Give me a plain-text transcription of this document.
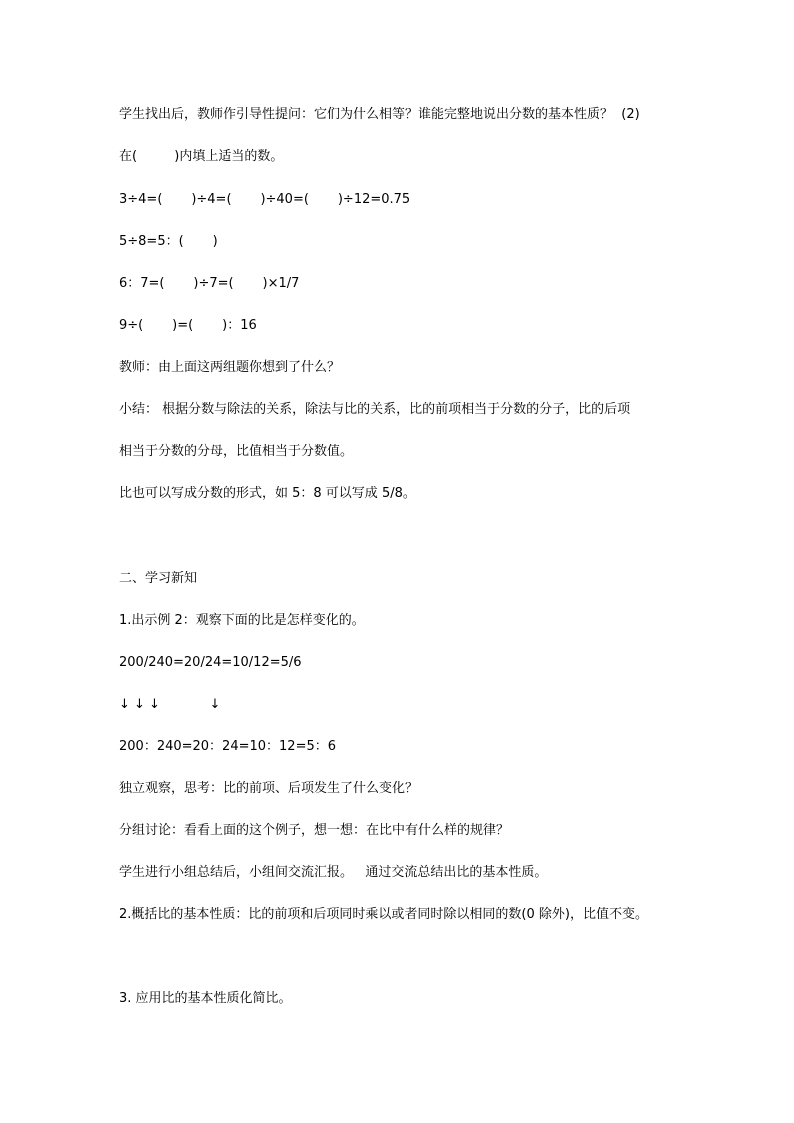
学生找出后，教师作引导性提问：它们为什么相等？谁能完整地说出分数的基本性质？  (2)
在(         )内填上适当的数。
3÷4=(       )÷4=(       )÷40=(       )÷12=0.75
5÷8=5：(       )
6：7=(       )÷7=(       )×1/7
9÷(       )=(       )：16
教师：由上面这两组题你想到了什么？
小结： 根据分数与除法的关系，除法与比的关系，比的前项相当于分数的分子，比的后项
相当于分数的分母，比值相当于分数值。
比也可以写成分数的形式，如 5：8 可以写成 5/8。
二、学习新知
1.出示例 2：观察下面的比是怎样变化的。
200/240=20/24=10/12=5/6
↓ ↓ ↓            ↓
200：240=20：24=10：12=5：6
独立观察，思考：比的前项、后项发生了什么变化？
分组讨论：看看上面的这个例子，想一想：在比中有什么样的规律？
学生进行小组总结后，小组间交流汇报。   通过交流总结出比的基本性质。
2.概括比的基本性质：比的前项和后项同时乘以或者同时除以相同的数(0 除外)，比值不变。
3. 应用比的基本性质化简比。
